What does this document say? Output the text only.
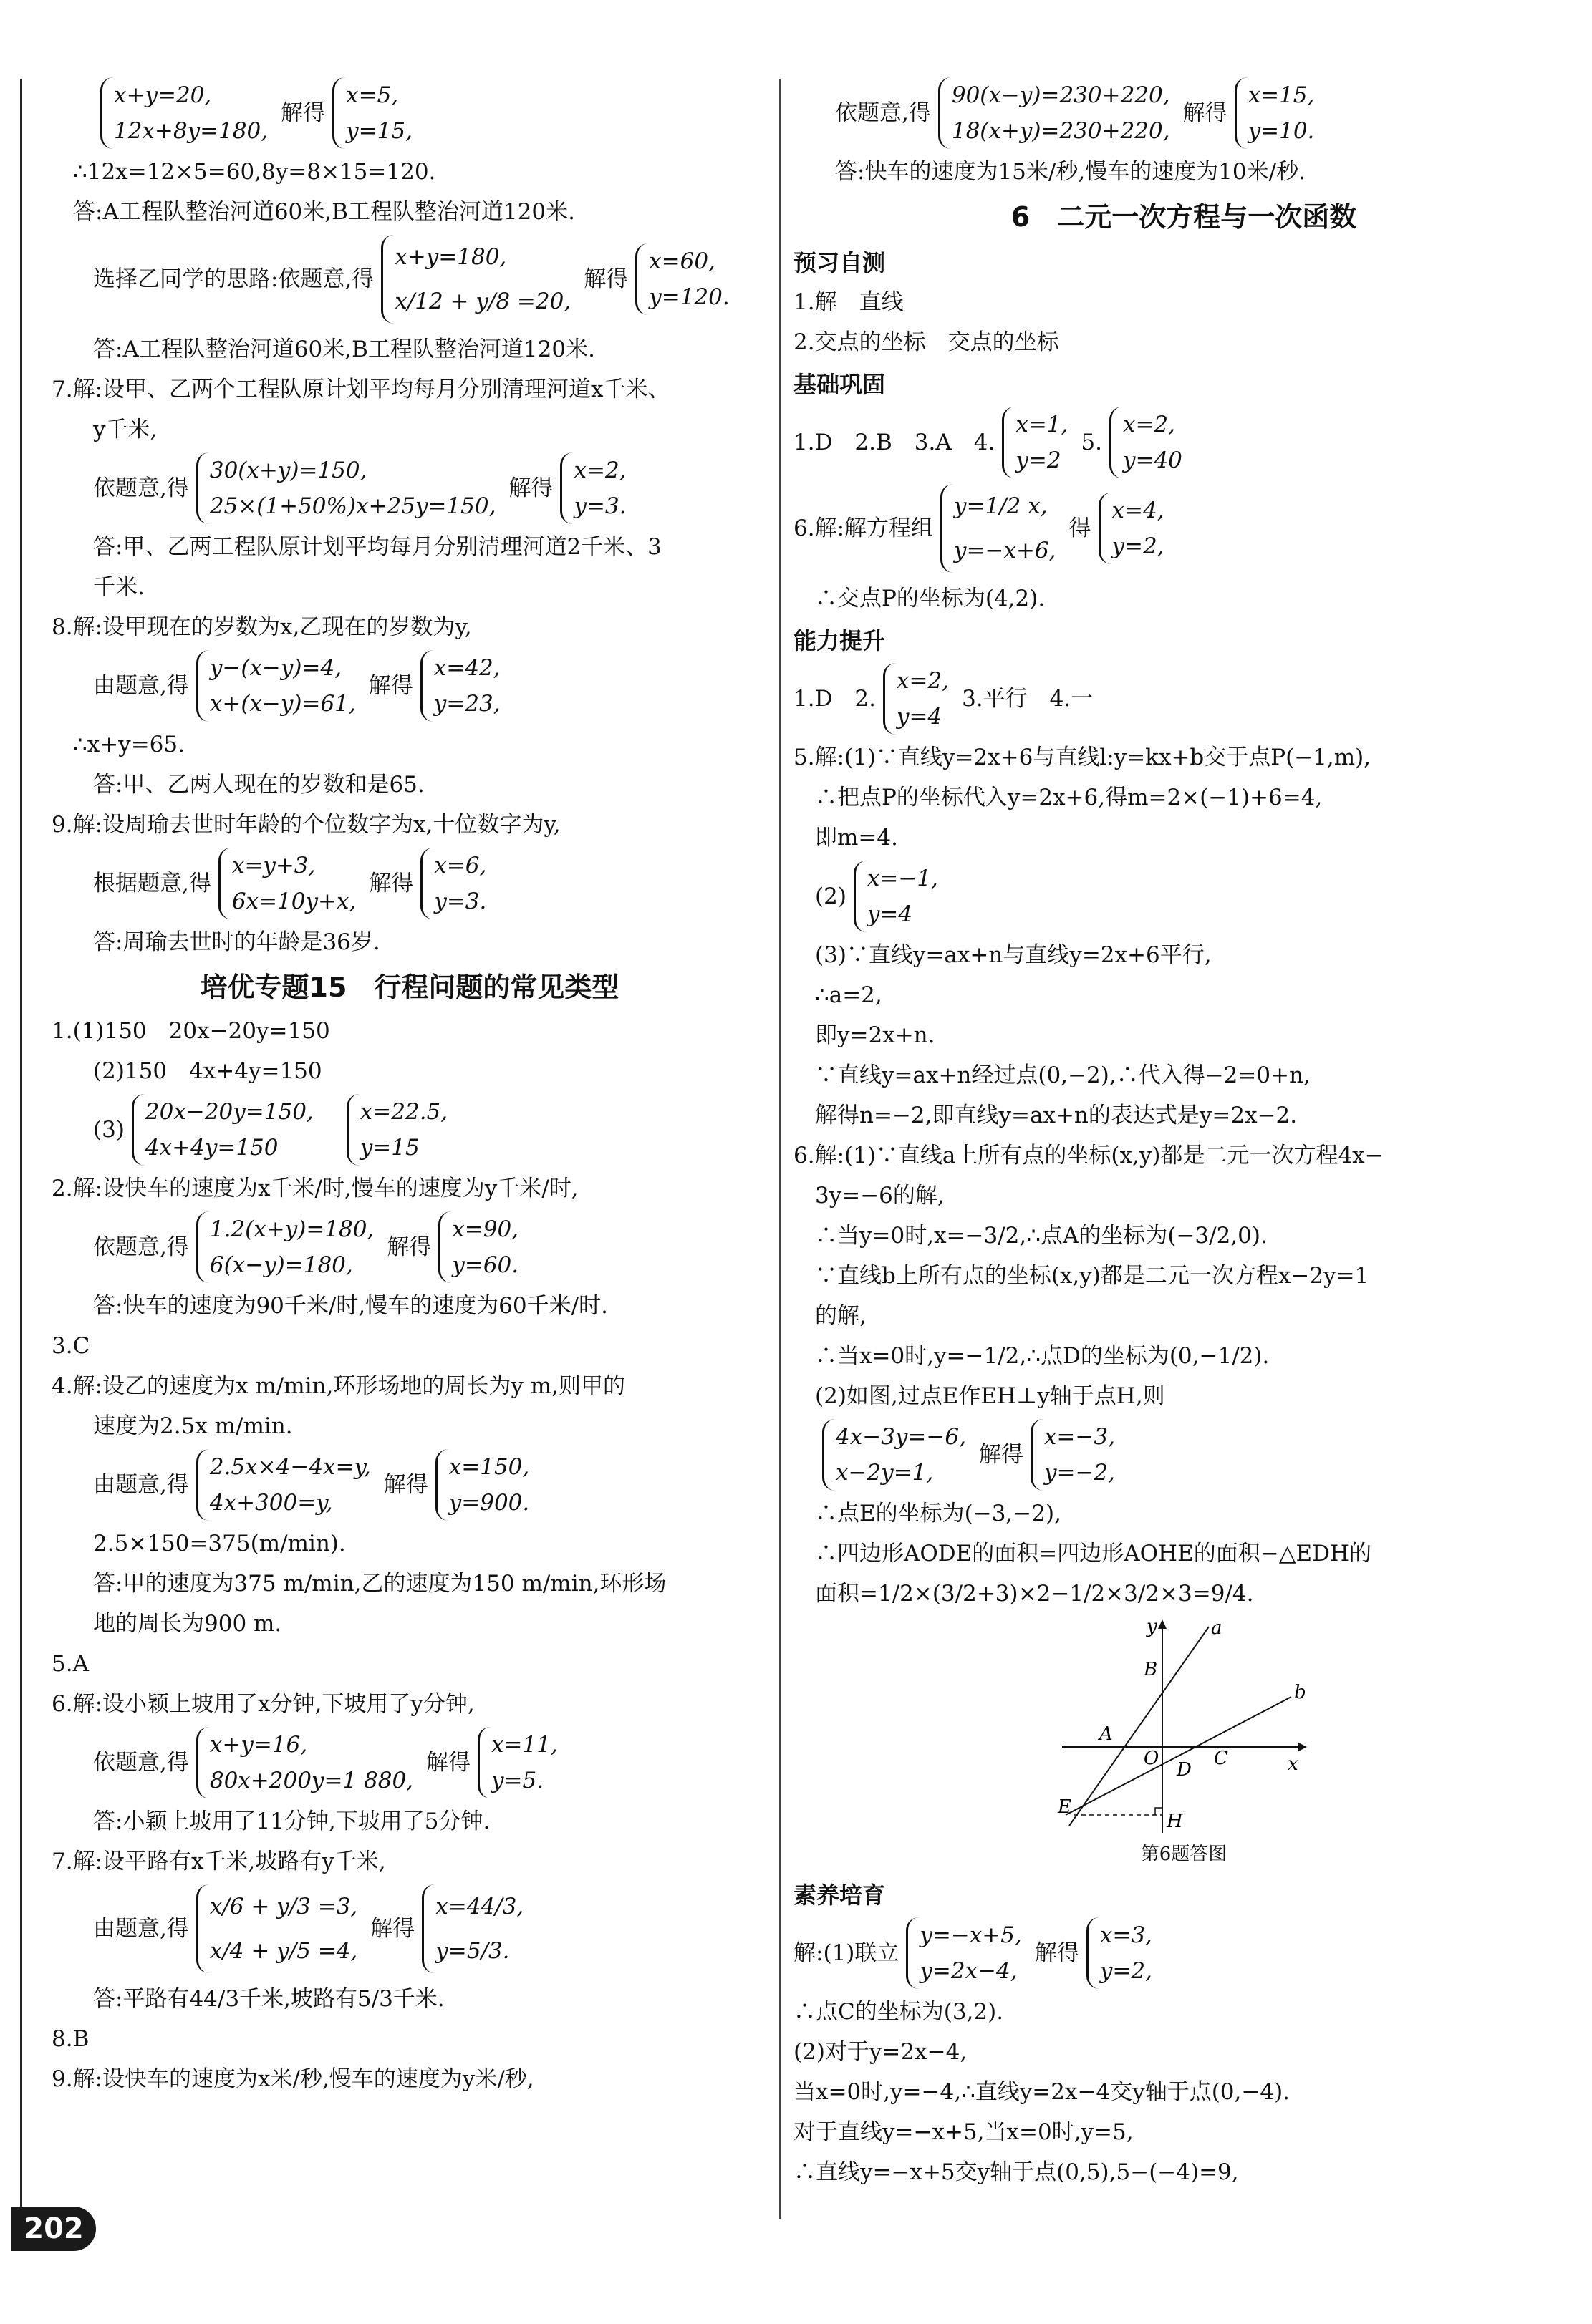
x+y=20,
12x+8y=180,
解得
x=5,
y=15,
∴12x=12×5=60,8y=8×15=120.
答:A工程队整治河道60米,B工程队整治河道120米.
选择乙同学的思路:依题意,得
x+y=180,
x/12 + y/8 =20,
解得
x=60,
y=120.
答:A工程队整治河道60米,B工程队整治河道120米.
7.解:设甲、乙两个工程队原计划平均每月分别清理河道x千米、
y千米,
依题意,得
30(x+y)=150,
25×(1+50%)x+25y=150,
解得
x=2,
y=3.
答:甲、乙两工程队原计划平均每月分别清理河道2千米、3
千米.
8.解:设甲现在的岁数为x,乙现在的岁数为y,
由题意,得
y−(x−y)=4,
x+(x−y)=61,
解得
x=42,
y=23,
∴x+y=65.
答:甲、乙两人现在的岁数和是65.
9.解:设周瑜去世时年龄的个位数字为x,十位数字为y,
根据题意,得
x=y+3,
6x=10y+x,
解得
x=6,
y=3.
答:周瑜去世时的年龄是36岁.
培优专题15　行程问题的常见类型
1.(1)150　20x−20y=150
(2)150　4x+4y=150
(3)
20x−20y=150,
4x+4y=150
x=22.5,
y=15
2.解:设快车的速度为x千米/时,慢车的速度为y千米/时,
依题意,得
1.2(x+y)=180,
6(x−y)=180,
解得
x=90,
y=60.
答:快车的速度为90千米/时,慢车的速度为60千米/时.
3.C
4.解:设乙的速度为x m/min,环形场地的周长为y m,则甲的
速度为2.5x m/min.
由题意,得
2.5x×4−4x=y,
4x+300=y,
解得
x=150,
y=900.
2.5×150=375(m/min).
答:甲的速度为375 m/min,乙的速度为150 m/min,环形场
地的周长为900 m.
5.A
6.解:设小颖上坡用了x分钟,下坡用了y分钟,
依题意,得
x+y=16,
80x+200y=1 880,
解得
x=11,
y=5.
答:小颖上坡用了11分钟,下坡用了5分钟.
7.解:设平路有x千米,坡路有y千米,
由题意,得
x/6 + y/3 =3,
x/4 + y/5 =4,
解得
x=44/3,
y=5/3.
答:平路有44/3千米,坡路有5/3千米.
8.B
9.解:设快车的速度为x米/秒,慢车的速度为y米/秒,
依题意,得
90(x−y)=230+220,
18(x+y)=230+220,
解得
x=15,
y=10.
答:快车的速度为15米/秒,慢车的速度为10米/秒.
6　二元一次方程与一次函数
预习自测
1.解　直线
2.交点的坐标　交点的坐标
基础巩固
1.D　2.B　3.A　4.
x=1,
y=2
5.
x=2,
y=40
6.解:解方程组
y=1/2 x,
y=−x+6,
得
x=4,
y=2,
∴交点P的坐标为(4,2).
能力提升
1.D　2.
x=2,
y=4
3.平行　4.一
5.解:(1)∵直线y=2x+6与直线l:y=kx+b交于点P(−1,m),
∴把点P的坐标代入y=2x+6,得m=2×(−1)+6=4,
即m=4.
(2)
x=−1,
y=4
(3)∵直线y=ax+n与直线y=2x+6平行,
∴a=2,
即y=2x+n.
∵直线y=ax+n经过点(0,−2),∴代入得−2=0+n,
解得n=−2,即直线y=ax+n的表达式是y=2x−2.
6.解:(1)∵直线a上所有点的坐标(x,y)都是二元一次方程4x−
3y=−6的解,
∴当y=0时,x=−3/2,∴点A的坐标为(−3/2,0).
∵直线b上所有点的坐标(x,y)都是二元一次方程x−2y=1
的解,
∴当x=0时,y=−1/2,∴点D的坐标为(0,−1/2).
(2)如图,过点E作EH⊥y轴于点H,则
4x−3y=−6,
x−2y=1,
解得
x=−3,
y=−2,
∴点E的坐标为(−3,−2),
∴四边形AODE的面积=四边形AOHE的面积−△EDH的
面积=1/2×(3/2+3)×2−1/2×3/2×3=9/4.
y	a
b
B
A
O	C
D	x
E
H
第6题答图
素养培育
解:(1)联立
y=−x+5,
y=2x−4,
解得
x=3,
y=2,
∴点C的坐标为(3,2).
(2)对于y=2x−4,
当x=0时,y=−4,∴直线y=2x−4交y轴于点(0,−4).
对于直线y=−x+5,当x=0时,y=5,
∴直线y=−x+5交y轴于点(0,5),5−(−4)=9,
202
